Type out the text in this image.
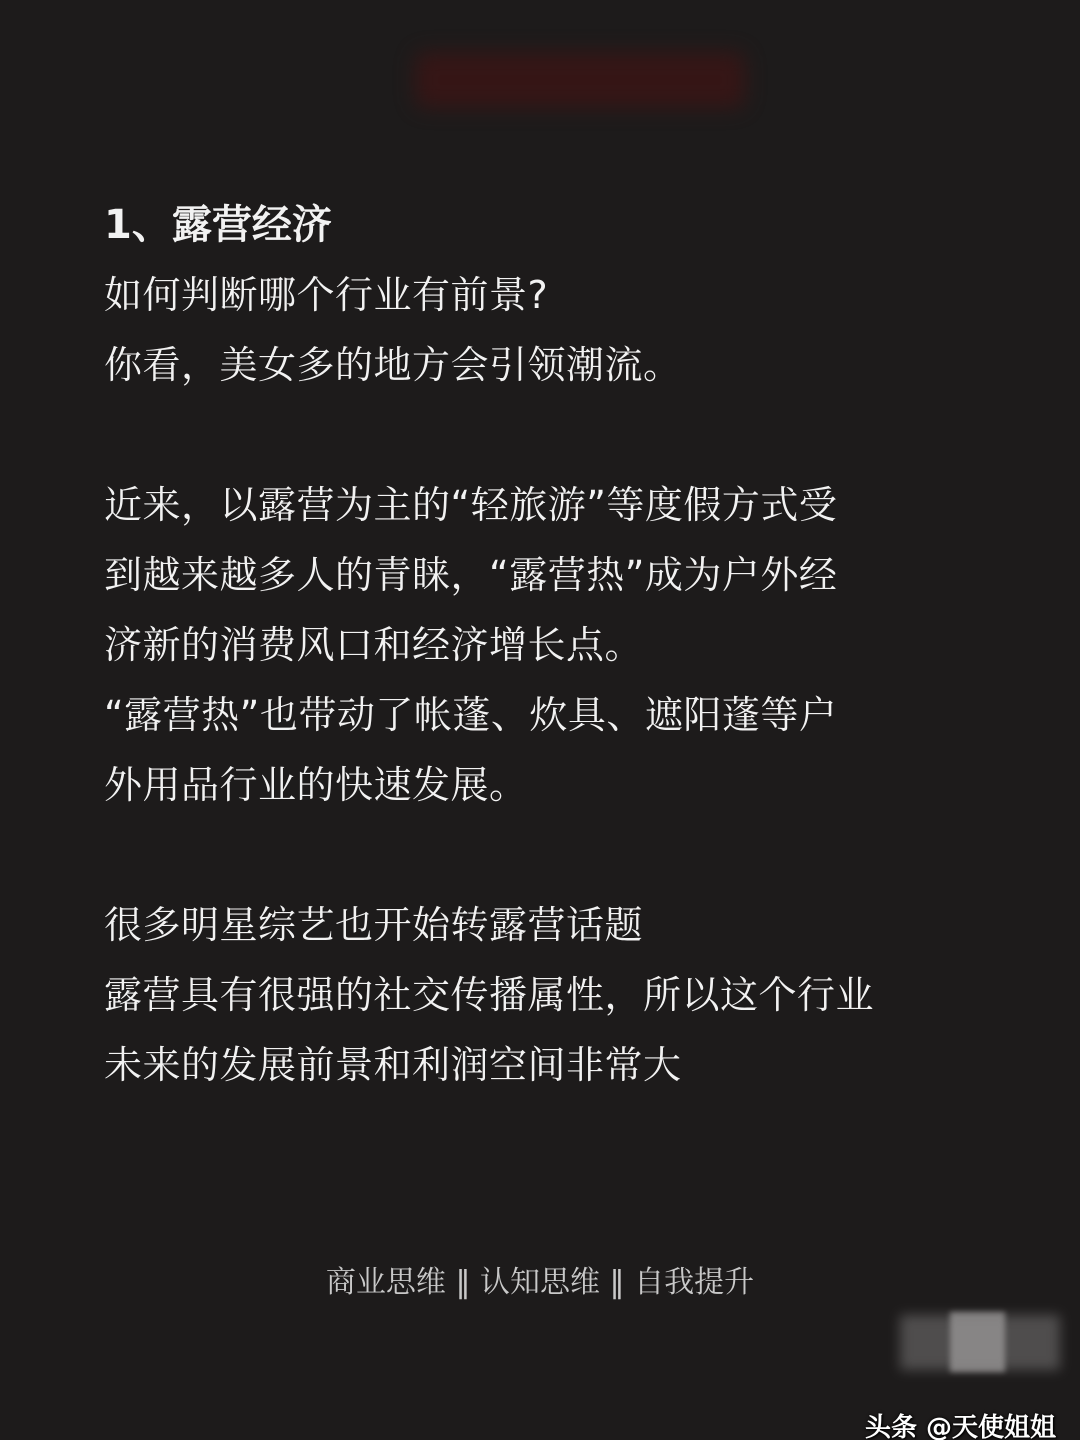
1、露营经济
如何判断哪个行业有前景?
你看，美女多的地方会引领潮流。
近来，以露营为主的“轻旅游”等度假方式受
到越来越多人的青睐，“露营热”成为户外经
济新的消费风口和经济增长点。
“露营热”也带动了帐蓬、炊具、遮阳蓬等户
外用品行业的快速发展。
很多明星综艺也开始转露营话题
露营具有很强的社交传播属性，所以这个行业
未来的发展前景和利润空间非常大
商业思维 ‖ 认知思维 ‖ 自我提升
头条 @天使姐姐
